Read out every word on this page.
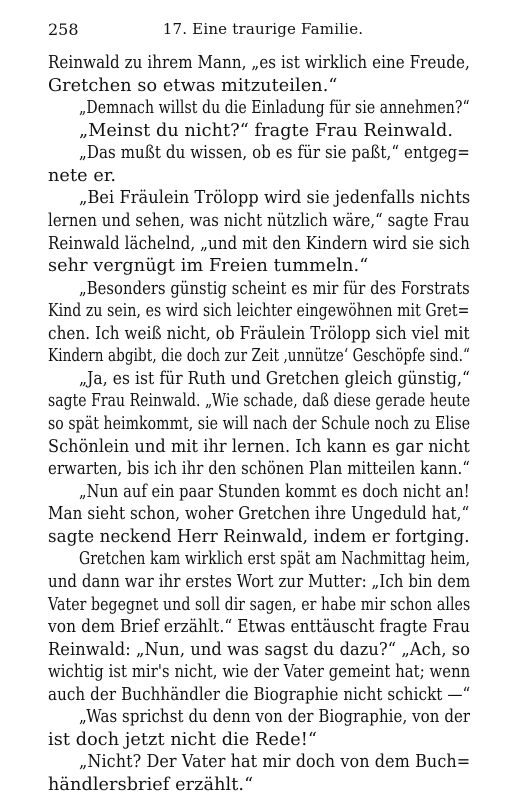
258	17. Eine traurige Familie.
Reinwald zu ihrem Mann, „es ist wirklich eine Freude,
Gretchen so etwas mitzuteilen.“
„Demnach willst du die Einladung für sie annehmen?“
„Meinst du nicht?“ fragte Frau Reinwald.
„Das mußt du wissen, ob es für sie paßt,“ entgeg=
nete er.
„Bei Fräulein Trölopp wird sie jedenfalls nichts
lernen und sehen, was nicht nützlich wäre,“ sagte Frau
Reinwald lächelnd, „und mit den Kindern wird sie sich
sehr vergnügt im Freien tummeln.“
„Besonders günstig scheint es mir für des Forstrats
Kind zu sein, es wird sich leichter eingewöhnen mit Gret=
chen. Ich weiß nicht, ob Fräulein Trölopp sich viel mit
Kindern abgibt, die doch zur Zeit ‚unnütze‘ Geschöpfe sind.“
„Ja, es ist für Ruth und Gretchen gleich günstig,“
sagte Frau Reinwald. „Wie schade, daß diese gerade heute
so spät heimkommt, sie will nach der Schule noch zu Elise
Schönlein und mit ihr lernen. Ich kann es gar nicht
erwarten, bis ich ihr den schönen Plan mitteilen kann.“
„Nun auf ein paar Stunden kommt es doch nicht an!
Man sieht schon, woher Gretchen ihre Ungeduld hat,“
sagte neckend Herr Reinwald, indem er fortging.
Gretchen kam wirklich erst spät am Nachmittag heim,
und dann war ihr erstes Wort zur Mutter: „Ich bin dem
Vater begegnet und soll dir sagen, er habe mir schon alles
von dem Brief erzählt.“ Etwas enttäuscht fragte Frau
Reinwald: „Nun, und was sagst du dazu?“ „Ach, so
wichtig ist mir's nicht, wie der Vater gemeint hat; wenn
auch der Buchhändler die Biographie nicht schickt —“
„Was sprichst du denn von der Biographie, von der
ist doch jetzt nicht die Rede!“
„Nicht? Der Vater hat mir doch von dem Buch=
händlersbrief erzählt.“
